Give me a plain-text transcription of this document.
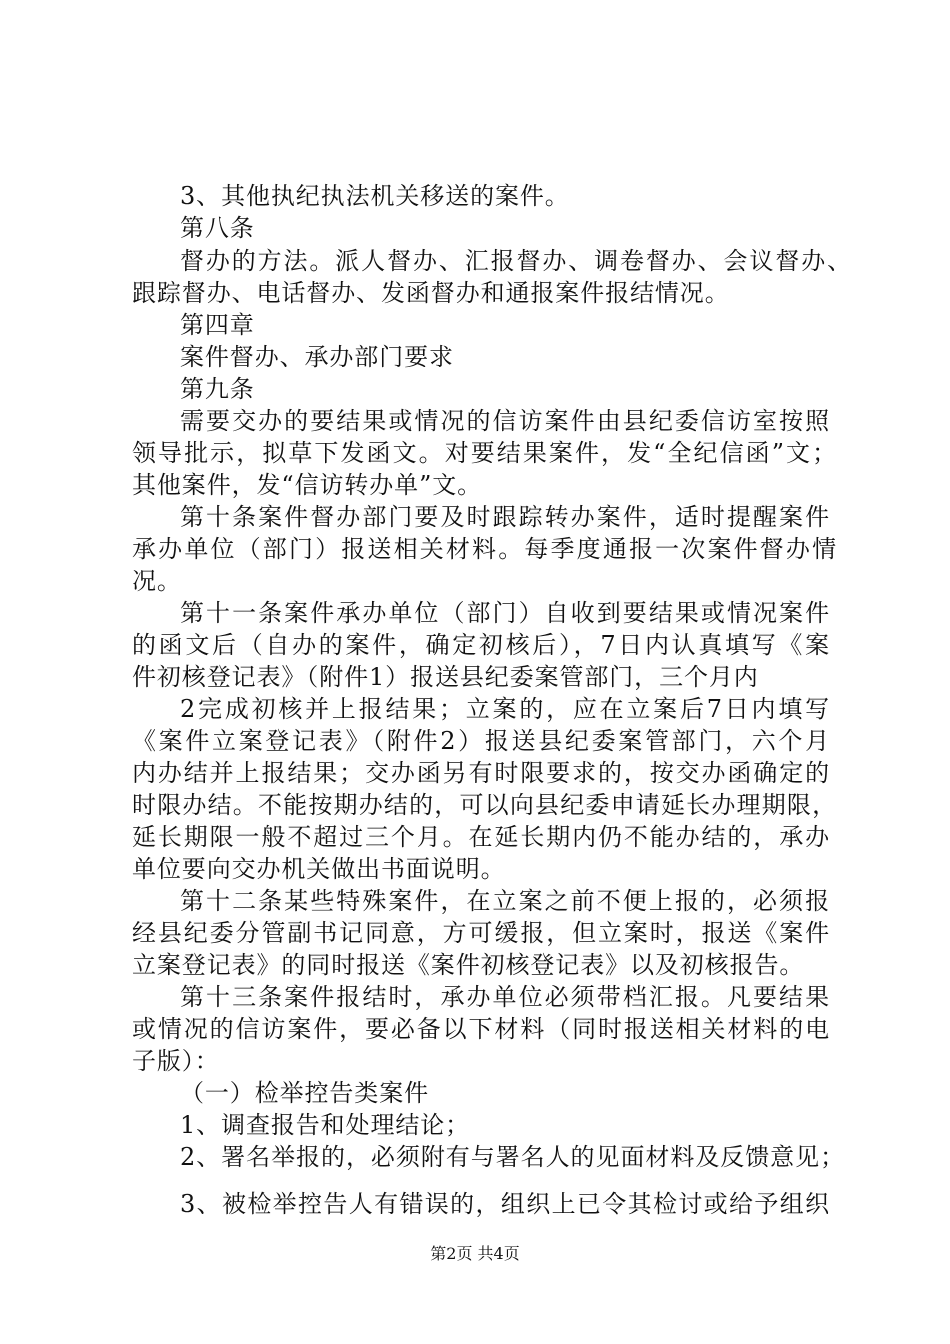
3、其他执纪执法机关移送的案件。
第八条
督办的方法。派人督办、汇报督办、调卷督办、会议督办、
跟踪督办、电话督办、发函督办和通报案件报结情况。
第四章
案件督办、承办部门要求
第九条
需要交办的要结果或情况的信访案件由县纪委信访室按照
领导批示，拟草下发函文。对要结果案件，发“全纪信函”文；
其他案件，发“信访转办单”文。
第十条案件督办部门要及时跟踪转办案件，适时提醒案件
承办单位（部门）报送相关材料。每季度通报一次案件督办情
况。
第十一条案件承办单位（部门）自收到要结果或情况案件
的函文后（自办的案件，确定初核后），7日内认真填写《案
件初核登记表》（附件1）报送县纪委案管部门，三个月内
2完成初核并上报结果；立案的，应在立案后7日内填写
《案件立案登记表》（附件2）报送县纪委案管部门，六个月
内办结并上报结果；交办函另有时限要求的，按交办函确定的
时限办结。不能按期办结的，可以向县纪委申请延长办理期限，
延长期限一般不超过三个月。在延长期内仍不能办结的，承办
单位要向交办机关做出书面说明。
第十二条某些特殊案件，在立案之前不便上报的，必须报
经县纪委分管副书记同意，方可缓报，但立案时，报送《案件
立案登记表》的同时报送《案件初核登记表》以及初核报告。
第十三条案件报结时，承办单位必须带档汇报。凡要结果
或情况的信访案件，要必备以下材料（同时报送相关材料的电
子版）：
（一）检举控告类案件
1、调查报告和处理结论；
2、署名举报的，必须附有与署名人的见面材料及反馈意见；
3、被检举控告人有错误的，组织上已令其检讨或给予组织
第2页 共4页
